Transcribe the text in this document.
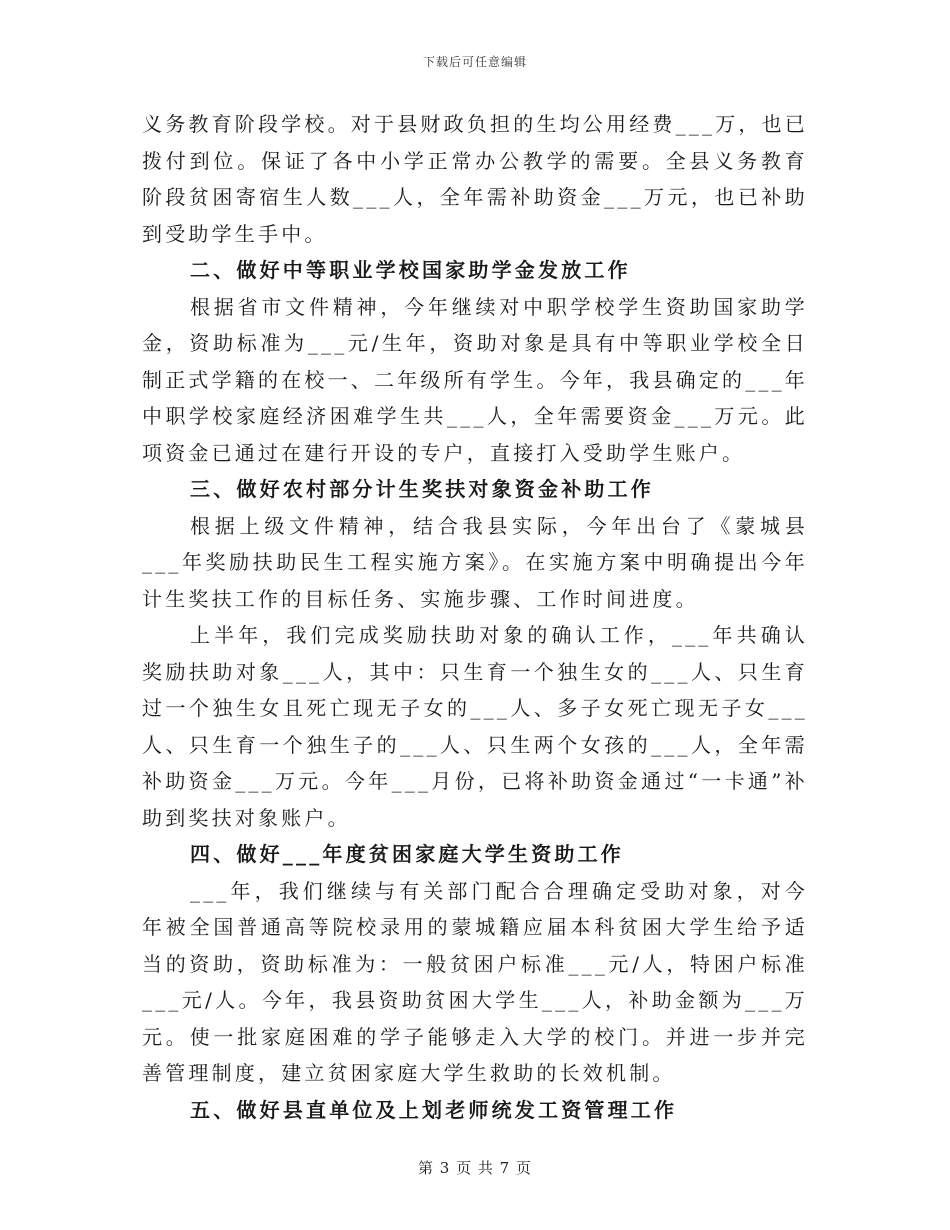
下载后可任意编辑

义务教育阶段学校。对于县财政负担的生均公用经费___万，也已拨付到位。保证了各中小学正常办公教学的需要。全县义务教育阶段贫困寄宿生人数___人，全年需补助资金___万元，也已补助到受助学生手中。

二、做好中等职业学校国家助学金发放工作

根据省市文件精神，今年继续对中职学校学生资助国家助学金，资助标准为___元/生年，资助对象是具有中等职业学校全日制正式学籍的在校一、二年级所有学生。今年，我县确定的___年中职学校家庭经济困难学生共___人，全年需要资金___万元。此项资金已通过在建行开设的专户，直接打入受助学生账户。

三、做好农村部分计生奖扶对象资金补助工作

根据上级文件精神，结合我县实际，今年出台了《蒙城县___年奖励扶助民生工程实施方案》。在实施方案中明确提出今年计生奖扶工作的目标任务、实施步骤、工作时间进度。

上半年，我们完成奖励扶助对象的确认工作，___年共确认奖励扶助对象___人，其中：只生育一个独生女的___人、只生育过一个独生女且死亡现无子女的___人、多子女死亡现无子女___人、只生育一个独生子的___人、只生两个女孩的___人，全年需补助资金___万元。今年___月份，已将补助资金通过“一卡通”补助到奖扶对象账户。

四、做好___年度贫困家庭大学生资助工作

___年，我们继续与有关部门配合合理确定受助对象，对今年被全国普通高等院校录用的蒙城籍应届本科贫困大学生给予适当的资助，资助标准为：一般贫困户标准___元/人，特困户标准___元/人。今年，我县资助贫困大学生___人，补助金额为___万元。使一批家庭困难的学子能够走入大学的校门。并进一步并完善管理制度，建立贫困家庭大学生救助的长效机制。

五、做好县直单位及上划老师统发工资管理工作
第 3 页 共 7 页
